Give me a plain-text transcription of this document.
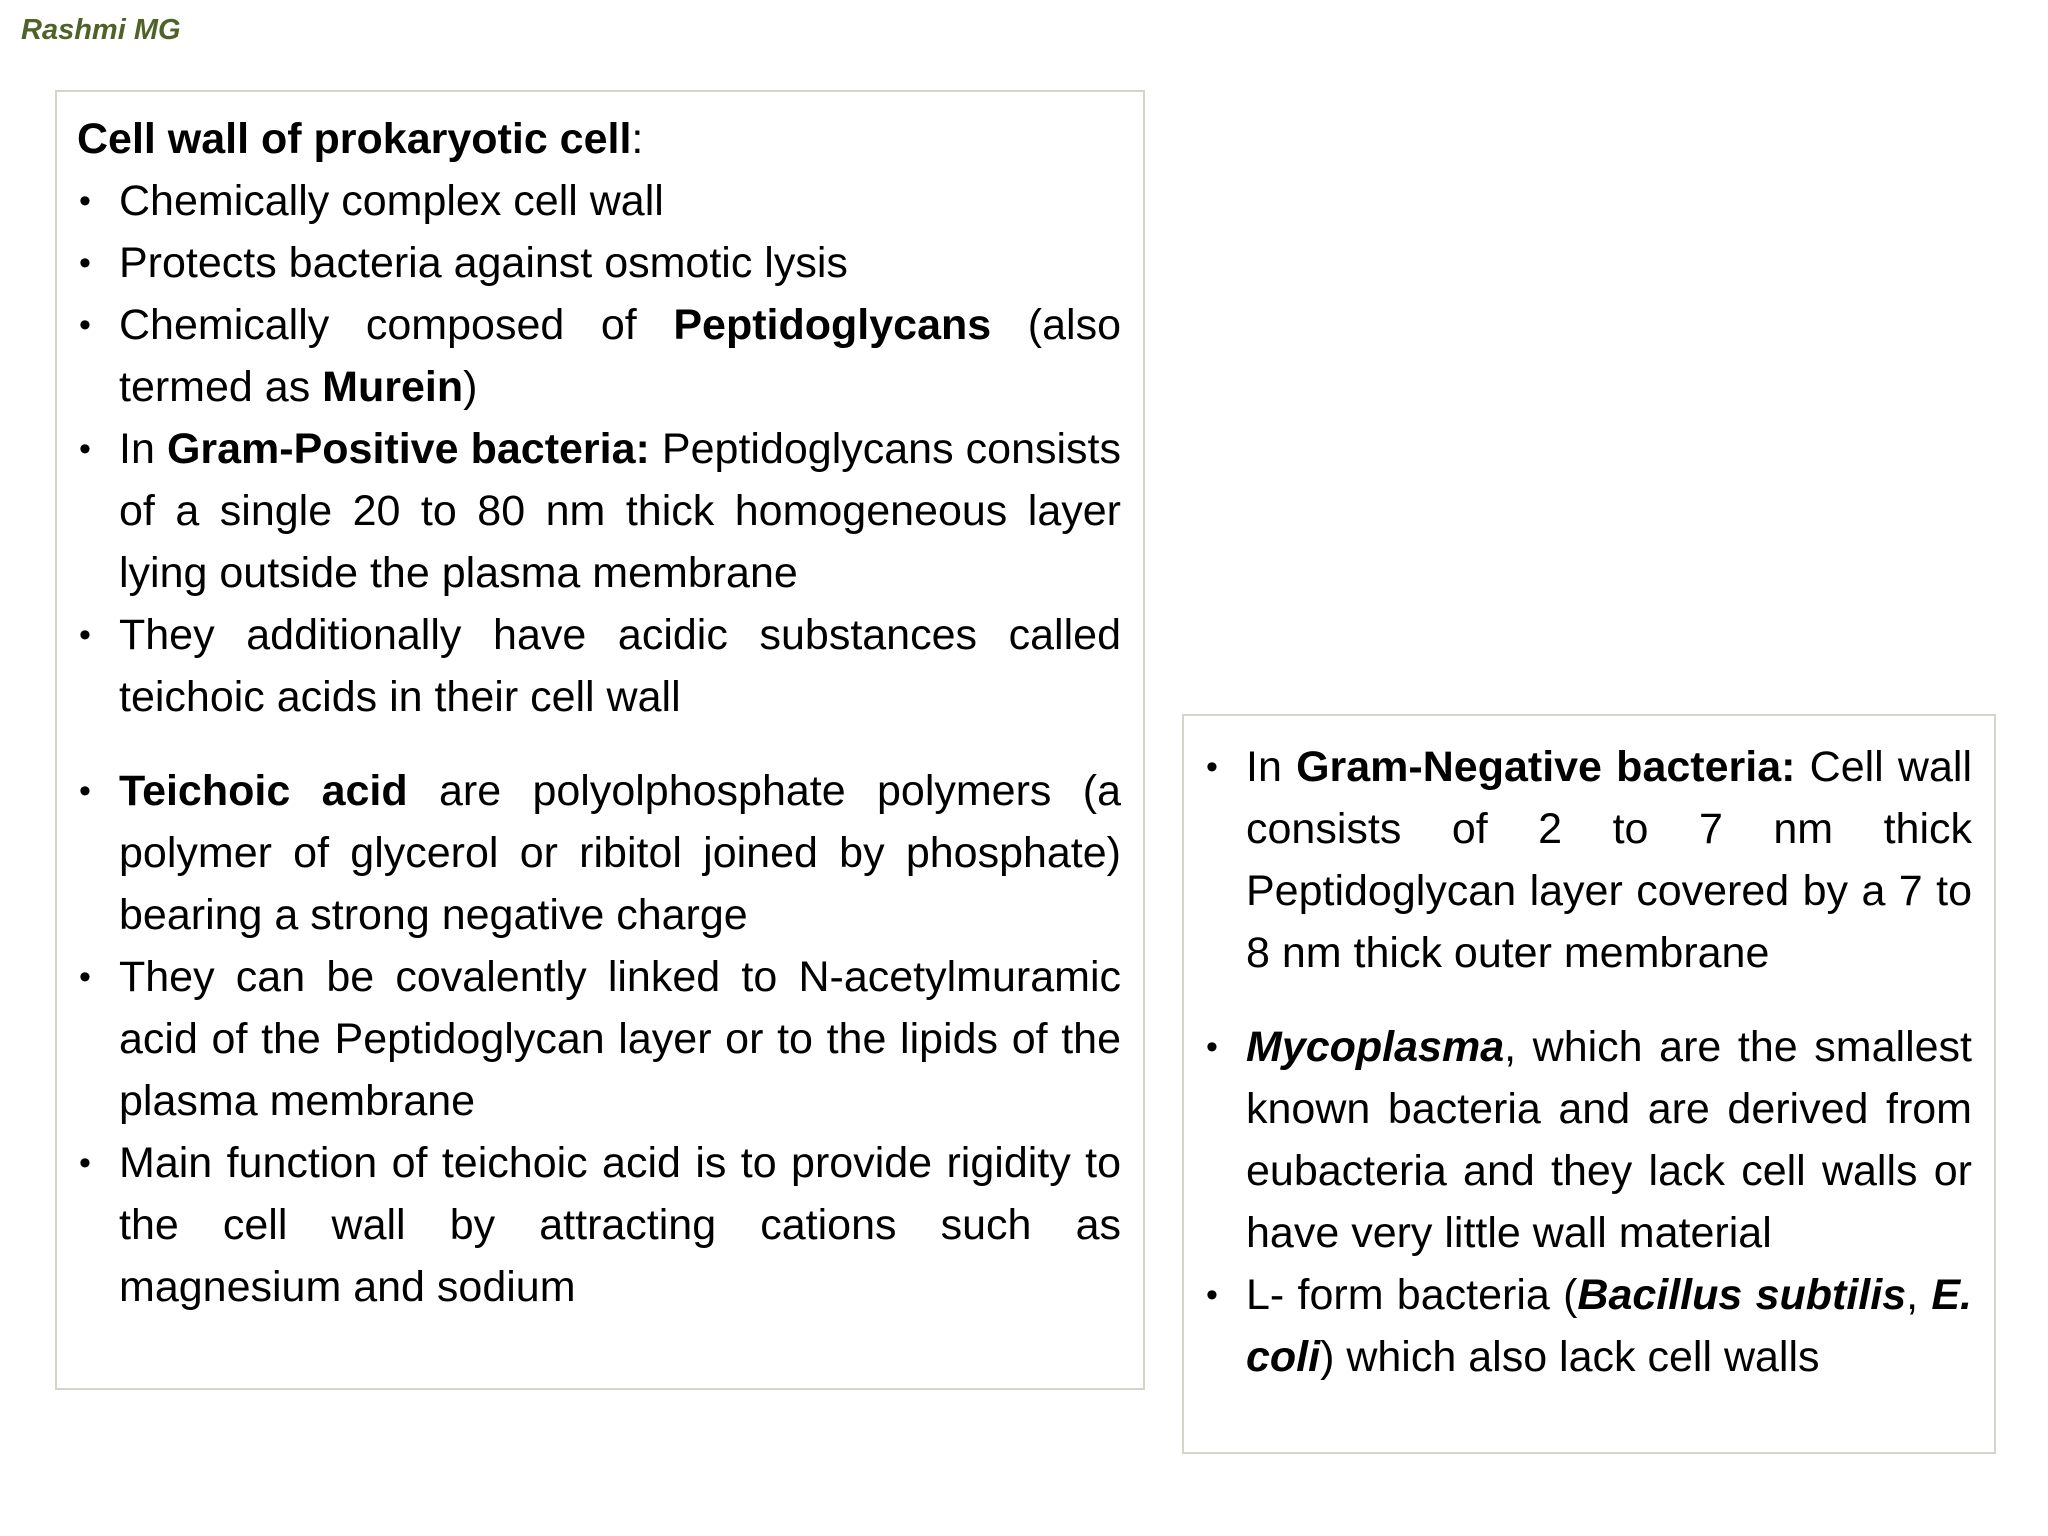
Rashmi MG

Cell wall of prokaryotic cell:

• Chemically complex cell wall
• Protects bacteria against osmotic lysis
• Chemically composed of Peptidoglycans (also termed as Murein)
• In Gram-Positive bacteria: Peptidoglycans consists of a single 20 to 80 nm thick homogeneous layer lying outside the plasma membrane
• They additionally have acidic substances called teichoic acids in their cell wall
• Teichoic acid are polyolphosphate polymers (a polymer of glycerol or ribitol joined by phosphate) bearing a strong negative charge
• They can be covalently linked to N-acetylmuramic acid of the Peptidoglycan layer or to the lipids of the plasma membrane
• Main function of teichoic acid is to provide rigidity to the cell wall by attracting cations such as magnesium and sodium
• In Gram-Negative bacteria: Cell wall consists of 2 to 7 nm thick Peptidoglycan layer covered by a 7 to 8 nm thick outer membrane
• Mycoplasma, which are the smallest known bacteria and are derived from eubacteria and they lack cell walls or have very little wall material
• L- form bacteria (Bacillus subtilis, E. coli) which also lack cell walls
